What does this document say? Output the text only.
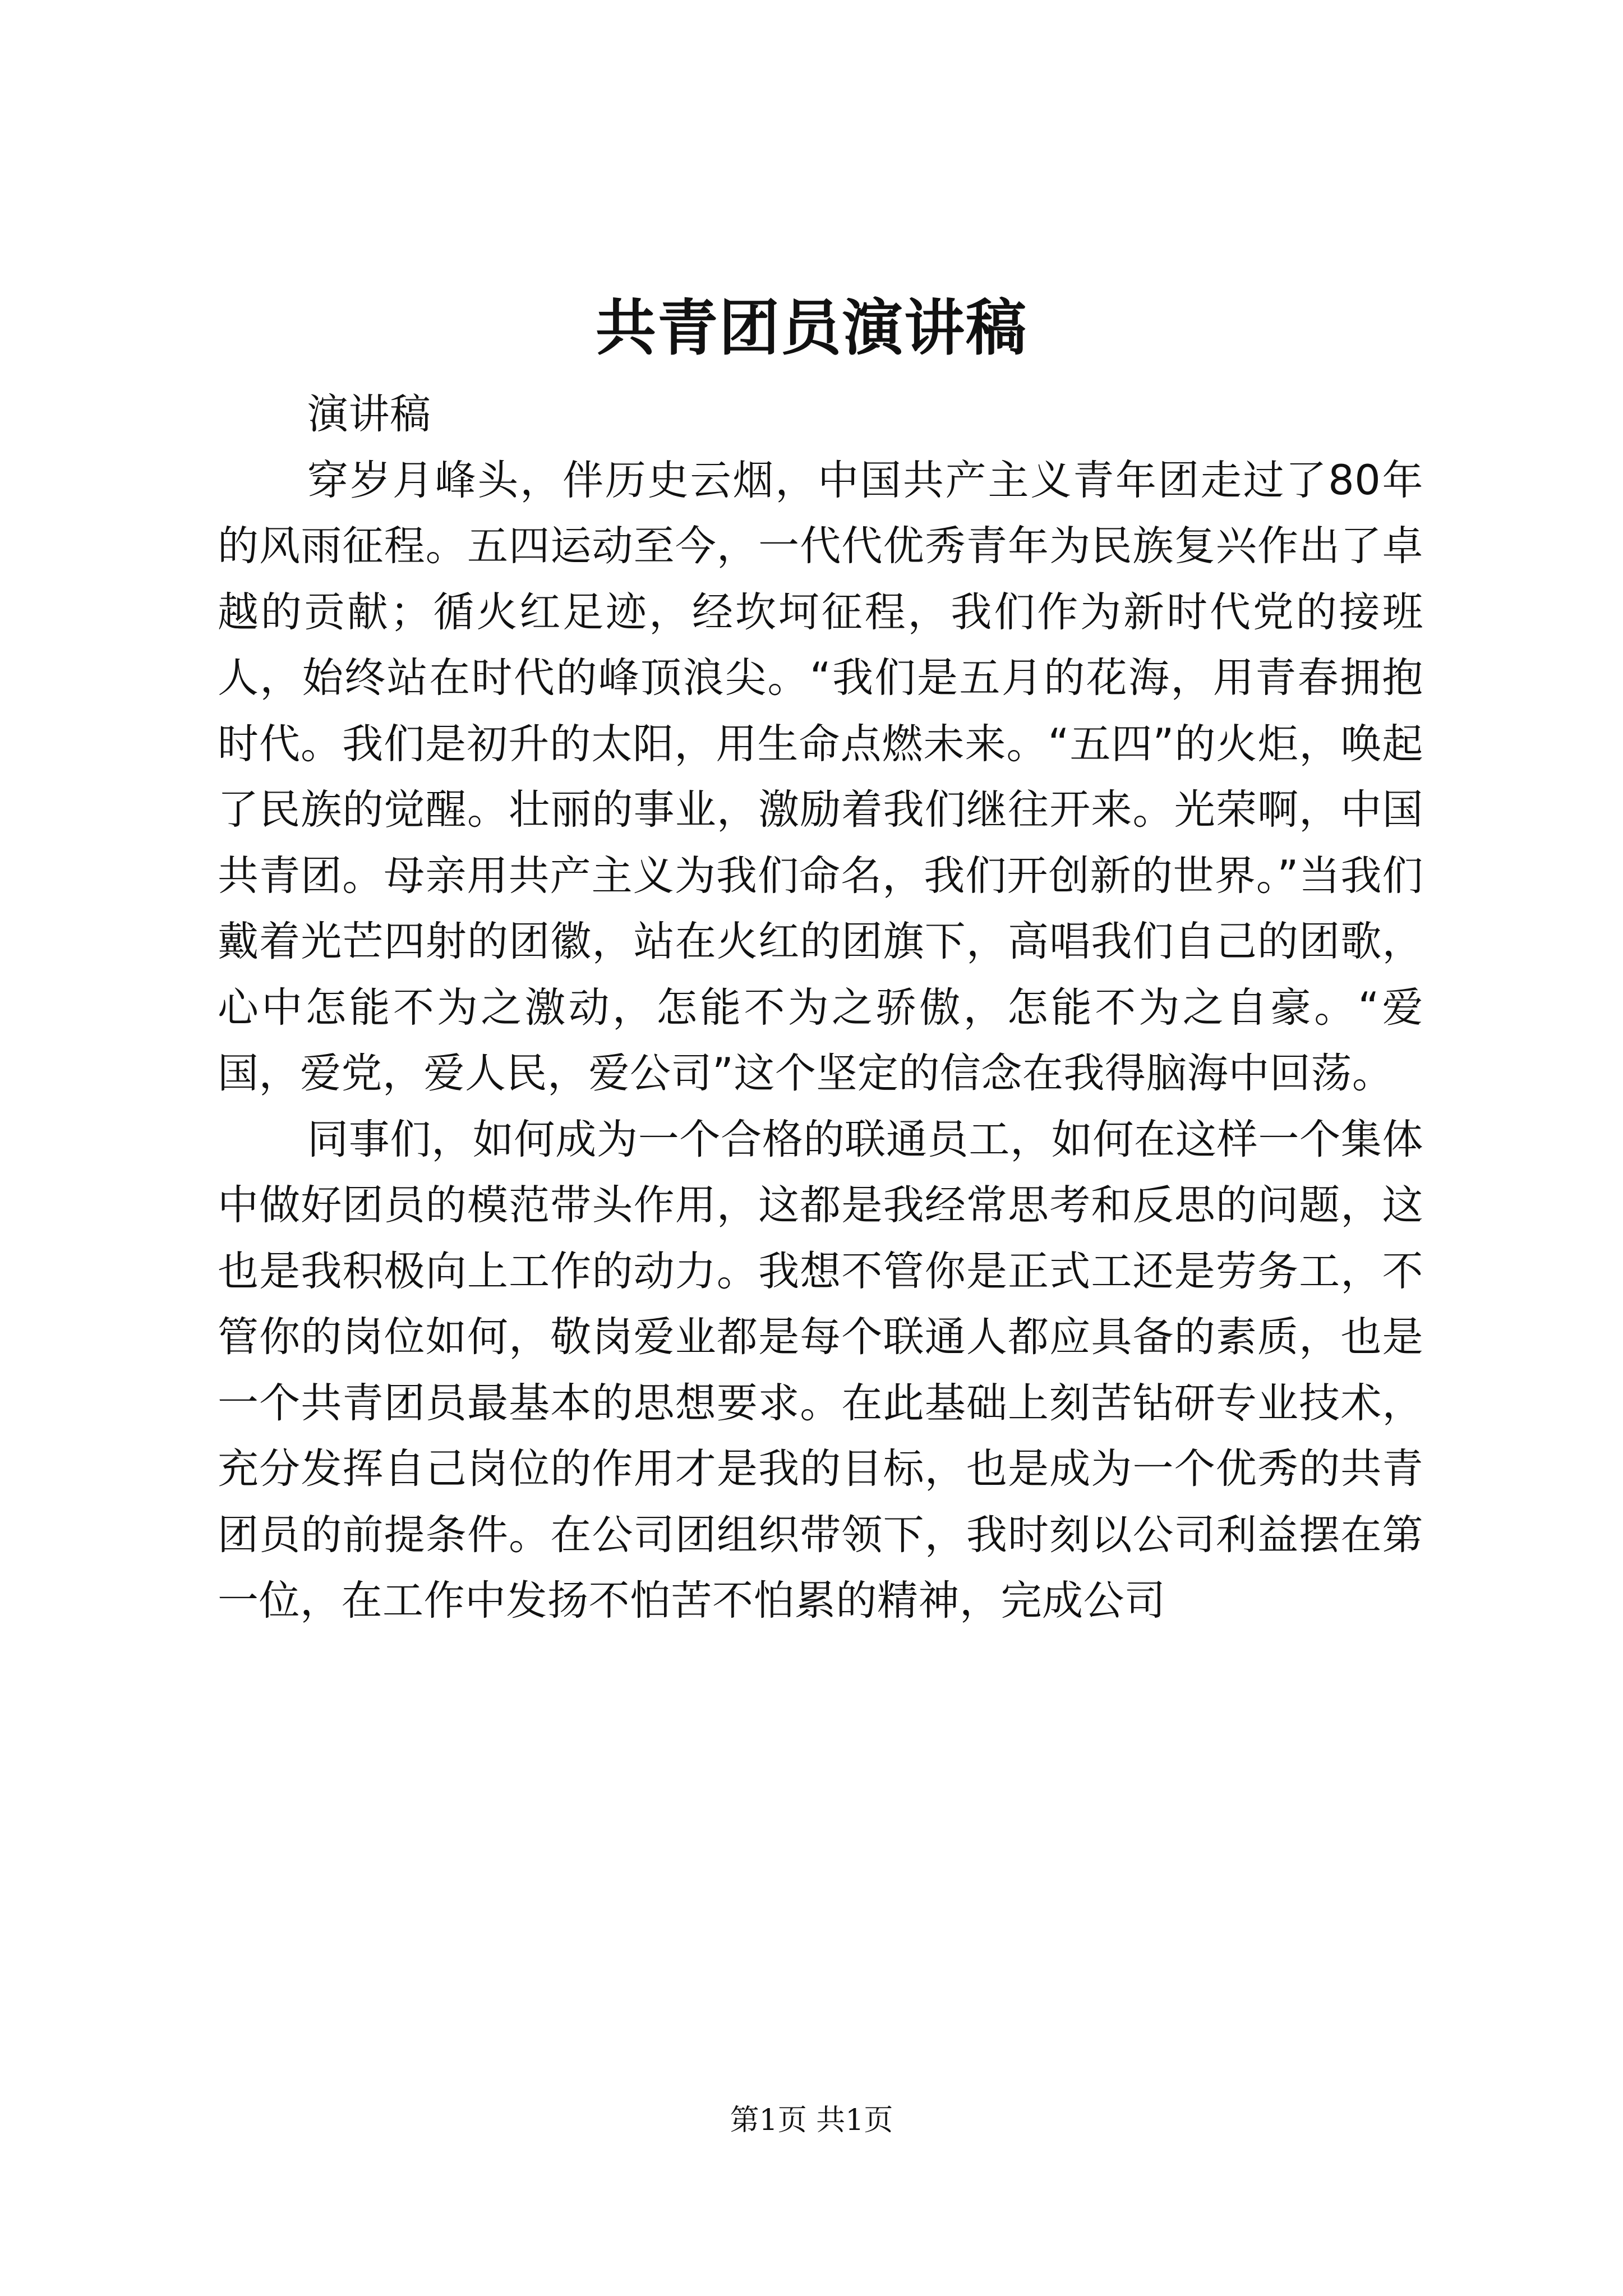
共青团员演讲稿

演讲稿

穿岁月峰头，伴历史云烟，中国共产主义青年团走过了80年的风雨征程。五四运动至今，一代代优秀青年为民族复兴作出了卓越的贡献；循火红足迹，经坎坷征程，我们作为新时代党的接班人，始终站在时代的峰顶浪尖。“我们是五月的花海，用青春拥抱时代。我们是初升的太阳，用生命点燃未来。“五四”的火炬，唤起了民族的觉醒。壮丽的事业，激励着我们继往开来。光荣啊，中国共青团。母亲用共产主义为我们命名，我们开创新的世界。”当我们戴着光芒四射的团徽，站在火红的团旗下，高唱我们自己的团歌，心中怎能不为之激动，怎能不为之骄傲，怎能不为之自豪。“爱国，爱党，爱人民，爱公司”这个坚定的信念在我得脑海中回荡。

同事们，如何成为一个合格的联通员工，如何在这样一个集体中做好团员的模范带头作用，这都是我经常思考和反思的问题，这也是我积极向上工作的动力。我想不管你是正式工还是劳务工，不管你的岗位如何，敬岗爱业都是每个联通人都应具备的素质，也是一个共青团员最基本的思想要求。在此基础上刻苦钻研专业技术，充分发挥自己岗位的作用才是我的目标，也是成为一个优秀的共青团员的前提条件。在公司团组织带领下，我时刻以公司利益摆在第一位，在工作中发扬不怕苦不怕累的精神，完成公司

第1页 共1页
